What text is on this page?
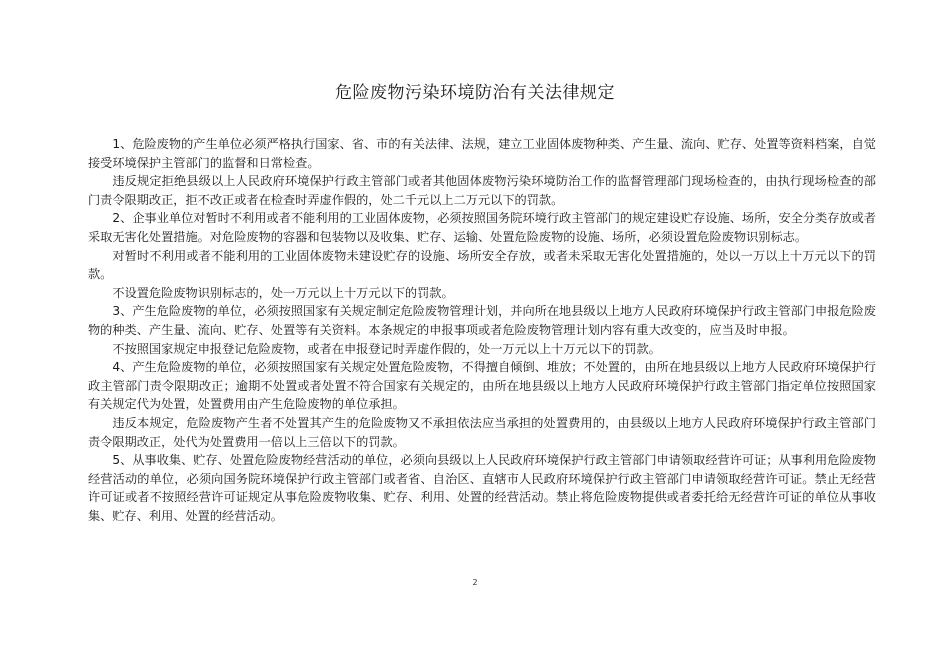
危险废物污染环境防治有关法律规定

1、危险废物的产生单位必须严格执行国家、省、市的有关法律、法规，建立工业固体废物种类、产生量、流向、贮存、处置等资料档案，自觉接受环境保护主管部门的监督和日常检查。

违反规定拒绝县级以上人民政府环境保护行政主管部门或者其他固体废物污染环境防治工作的监督管理部门现场检查的，由执行现场检查的部门责令限期改正，拒不改正或者在检查时弄虚作假的，处二千元以上二万元以下的罚款。

2、企事业单位对暂时不利用或者不能利用的工业固体废物，必须按照国务院环境行政主管部门的规定建设贮存设施、场所，安全分类存放或者采取无害化处置措施。对危险废物的容器和包装物以及收集、贮存、运输、处置危险废物的设施、场所，必须设置危险废物识别标志。

对暂时不利用或者不能利用的工业固体废物未建设贮存的设施、场所安全存放，或者未采取无害化处置措施的，处以一万以上十万元以下的罚款。

不设置危险废物识别标志的，处一万元以上十万元以下的罚款。

3、产生危险废物的单位，必须按照国家有关规定制定危险废物管理计划，并向所在地县级以上地方人民政府环境保护行政主管部门申报危险废物的种类、产生量、流向、贮存、处置等有关资料。本条规定的申报事项或者危险废物管理计划内容有重大改变的，应当及时申报。

不按照国家规定申报登记危险废物，或者在申报登记时弄虚作假的，处一万元以上十万元以下的罚款。

4、产生危险废物的单位，必须按照国家有关规定处置危险废物，不得擅自倾倒、堆放；不处置的，由所在地县级以上地方人民政府环境保护行政主管部门责令限期改正；逾期不处置或者处置不符合国家有关规定的，由所在地县级以上地方人民政府环境保护行政主管部门指定单位按照国家有关规定代为处置，处置费用由产生危险废物的单位承担。

违反本规定，危险废物产生者不处置其产生的危险废物又不承担依法应当承担的处置费用的，由县级以上地方人民政府环境保护行政主管部门责令限期改正，处代为处置费用一倍以上三倍以下的罚款。

5、从事收集、贮存、处置危险废物经营活动的单位，必须向县级以上人民政府环境保护行政主管部门申请领取经营许可证；从事利用危险废物经营活动的单位，必须向国务院环境保护行政主管部门或者省、自治区、直辖市人民政府环境保护行政主管部门申请领取经营许可证。禁止无经营许可证或者不按照经营许可证规定从事危险废物收集、贮存、利用、处置的经营活动。禁止将危险废物提供或者委托给无经营许可证的单位从事收集、贮存、利用、处置的经营活动。

2
